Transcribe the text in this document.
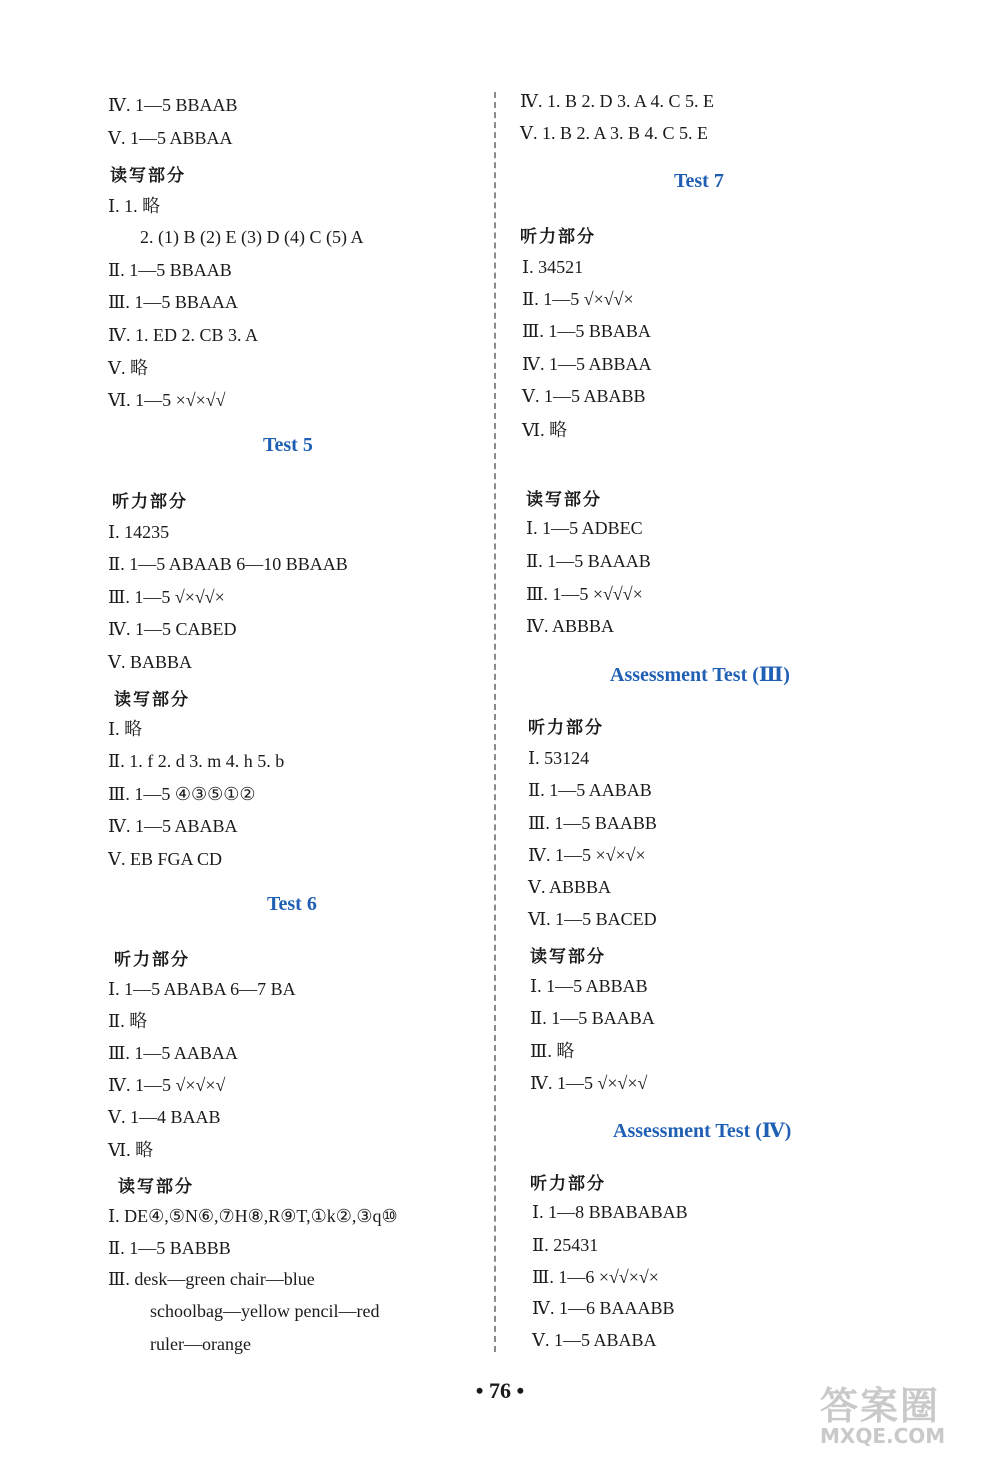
Ⅳ. 1—5 BBAAB
Ⅴ. 1—5 ABBAA
读写部分
Ⅰ. 1. 略
2. (1) B (2) E (3) D (4) C (5) A
Ⅱ. 1—5 BBAAB
Ⅲ. 1—5 BBAAA
Ⅳ. 1. ED 2. CB 3. A
Ⅴ. 略
Ⅵ. 1—5 ×√×√√
Test 5
听力部分
Ⅰ. 14235
Ⅱ. 1—5 ABAAB 6—10 BBAAB
Ⅲ. 1—5 √×√√×
Ⅳ. 1—5 CABED
Ⅴ. BABBA
读写部分
Ⅰ. 略
Ⅱ. 1. f 2. d 3. m 4. h 5. b
Ⅲ. 1—5 ④③⑤①②
Ⅳ. 1—5 ABABA
Ⅴ. EB FGA CD
Test 6
听力部分
Ⅰ. 1—5 ABABA 6—7 BA
Ⅱ. 略
Ⅲ. 1—5 AABAA
Ⅳ. 1—5 √×√×√
Ⅴ. 1—4 BAAB
Ⅵ. 略
读写部分
Ⅰ. DE④,⑤N⑥,⑦H⑧,R⑨T,①k②,③q⑩
Ⅱ. 1—5 BABBB
Ⅲ. desk—green chair—blue
schoolbag—yellow pencil—red
ruler—orange
Ⅳ. 1. B 2. D 3. A 4. C 5. E
Ⅴ. 1. B 2. A 3. B 4. C 5. E
Test 7
听力部分
Ⅰ. 34521
Ⅱ. 1—5 √×√√×
Ⅲ. 1—5 BBABA
Ⅳ. 1—5 ABBAA
Ⅴ. 1—5 ABABB
Ⅵ. 略
读写部分
Ⅰ. 1—5 ADBEC
Ⅱ. 1—5 BAAAB
Ⅲ. 1—5 ×√√√×
Ⅳ. ABBBA
Assessment Test (Ⅲ)
听力部分
Ⅰ. 53124
Ⅱ. 1—5 AABAB
Ⅲ. 1—5 BAABB
Ⅳ. 1—5 ×√×√×
Ⅴ. ABBBA
Ⅵ. 1—5 BACED
读写部分
Ⅰ. 1—5 ABBAB
Ⅱ. 1—5 BAABA
Ⅲ. 略
Ⅳ. 1—5 √×√×√
Assessment Test (Ⅳ)
听力部分
Ⅰ. 1—8 BBABABAB
Ⅱ. 25431
Ⅲ. 1—6 ×√√×√×
Ⅳ. 1—6 BAAABB
Ⅴ. 1—5 ABABA
• 76 •	答案圈
MXQE.COM
